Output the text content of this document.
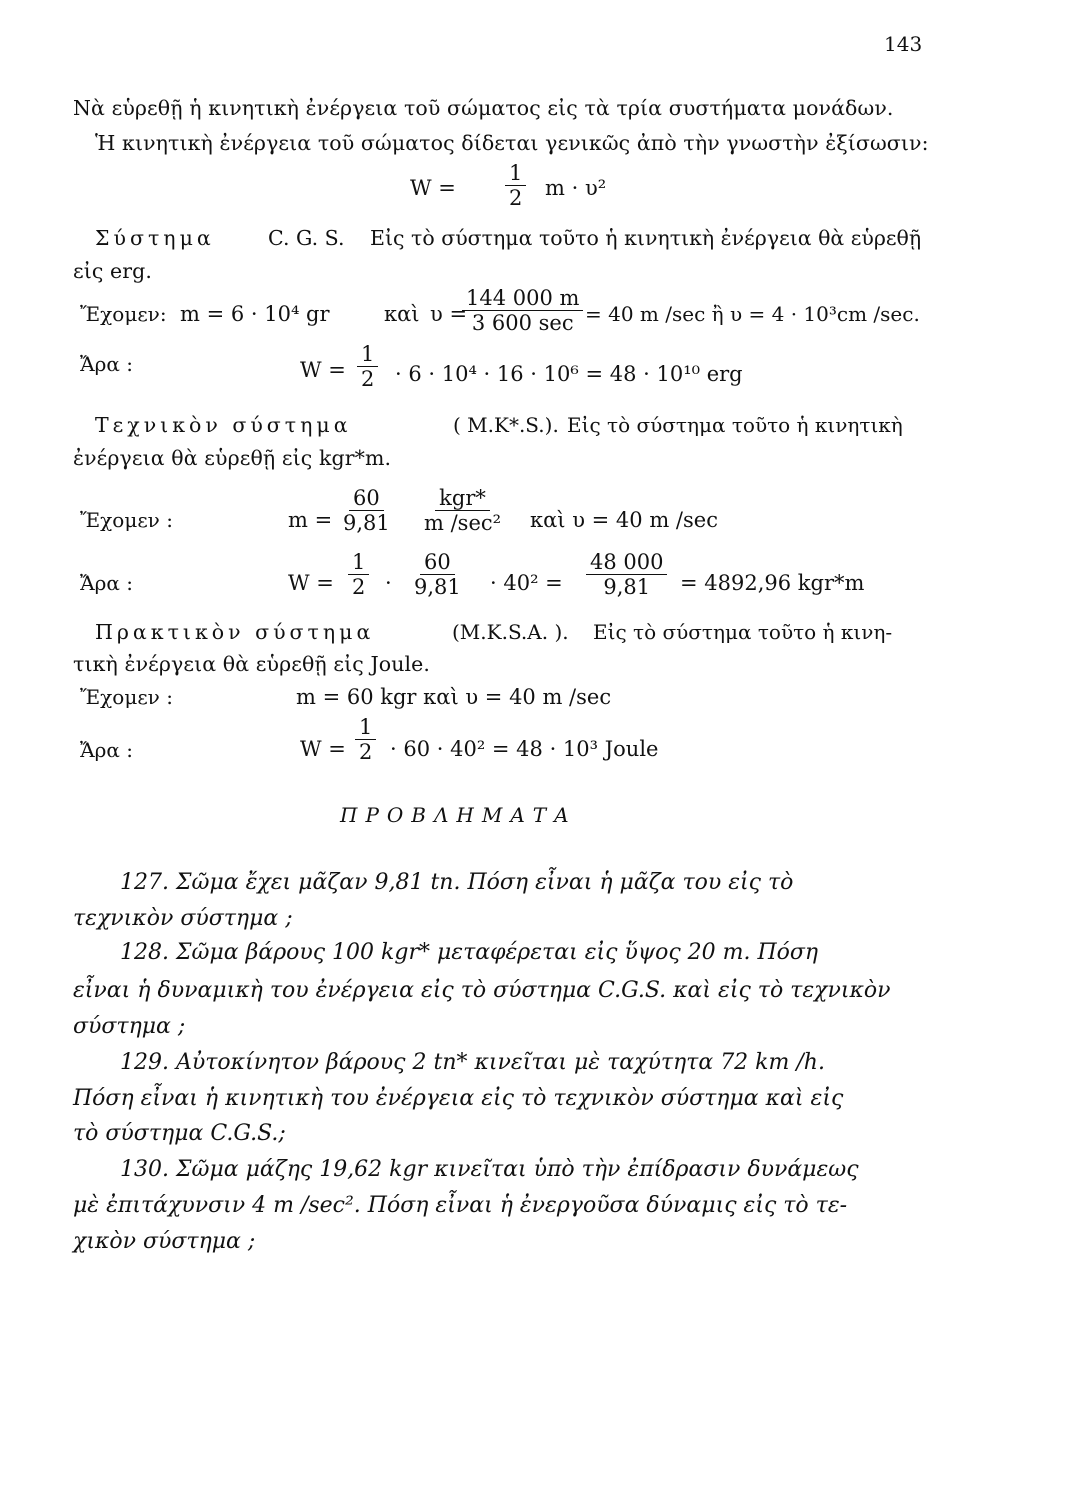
143
Νὰ εὑρεθῇ ἡ κινητικὴ ἐνέργεια τοῦ σώματος εἰς τὰ τρία συστήματα μονάδων.
Ἡ κινητικὴ ἐνέργεια τοῦ σώματος δίδεται γενικῶς ἀπὸ τὴν γνωστὴν ἐξίσωσιν:
$W = \frac{1}{2}$ m · υ²
Σύστημα	C. G. S. Εἰς τὸ σύστημα τοῦτο ἡ κινητικὴ ἐνέργεια θὰ εὑρεθῇ
εἰς erg.
Ἔχομεν: m = 6 · 10⁴ gr	καὶ υ =
144 000 m
3 600 sec = 40 m /sec ἢ υ = 4 · 10³cm /sec.
Ἄρα :	$W = \frac{1}{2} \cdot 6 \cdot 10^4 \cdot 16 \cdot 10^6 = 48 \cdot 10^{10}$ erg
Τεχνικὸν σύστημα	( M.K*.S.). Εἰς τὸ σύστημα τοῦτο ἡ κινητικὴ
ἐνέργεια θὰ εὑρεθῇ εἰς kgr*m.
Ἔχομεν :	$m = \frac{60}{9,81} kgr*$
m /sec² καὶ υ = 40 m /sec
Ἄρα :	$W = \frac{1}{2} \cdot \frac{60}{9,81} \cdot 40^2 = \frac{48 000}{9,81} = 4892,96$ kgr*m
Πρακτικὸν σύστημα	(M.K.S.A. ). Εἰς τὸ σύστημα τοῦτο ἡ κινη-
τικὴ ἐνέργεια θὰ εὑρεθῇ εἰς Joule.
Ἔχομεν :	m = 60 kgr καὶ υ = 40 m /sec
Ἄρα :	$W = \frac{1}{2} \cdot 60 \cdot 40^2 = 48 \cdot 10^3$ Joule
ΠΡΟΒΛΗΜΑΤΑ
127. Σῶμα ἔχει μᾶζαν 9,81 tn. Πόση εἶναι ἡ μᾶζα του εἰς τὸ
τεχνικὸν σύστημα ;
128. Σῶμα βάρους 100 kgr* μεταφέρεται εἰς ὕψος 20 m. Πόση
εἶναι ἡ δυναμικὴ του ἐνέργεια εἰς τὸ σύστημα C.G.S. καὶ εἰς τὸ τεχνικὸν
σύστημα ;
129. Αὐτοκίνητον βάρους 2 tn* κινεῖται μὲ ταχύτητα 72 km /h.
Πόση εἶναι ἡ κινητικὴ του ἐνέργεια εἰς τὸ τεχνικὸν σύστημα καὶ εἰς
τὸ σύστημα C.G.S.;
130. Σῶμα μάζης 19,62 kgr κινεῖται ὑπὸ τὴν ἐπίδρασιν δυνάμεως
μὲ ἐπιτάχυνσιν 4 m /sec². Πόση εἶναι ἡ ἐνεργοῦσα δύναμις εἰς τὸ τε-
χικὸν σύστημα ;
